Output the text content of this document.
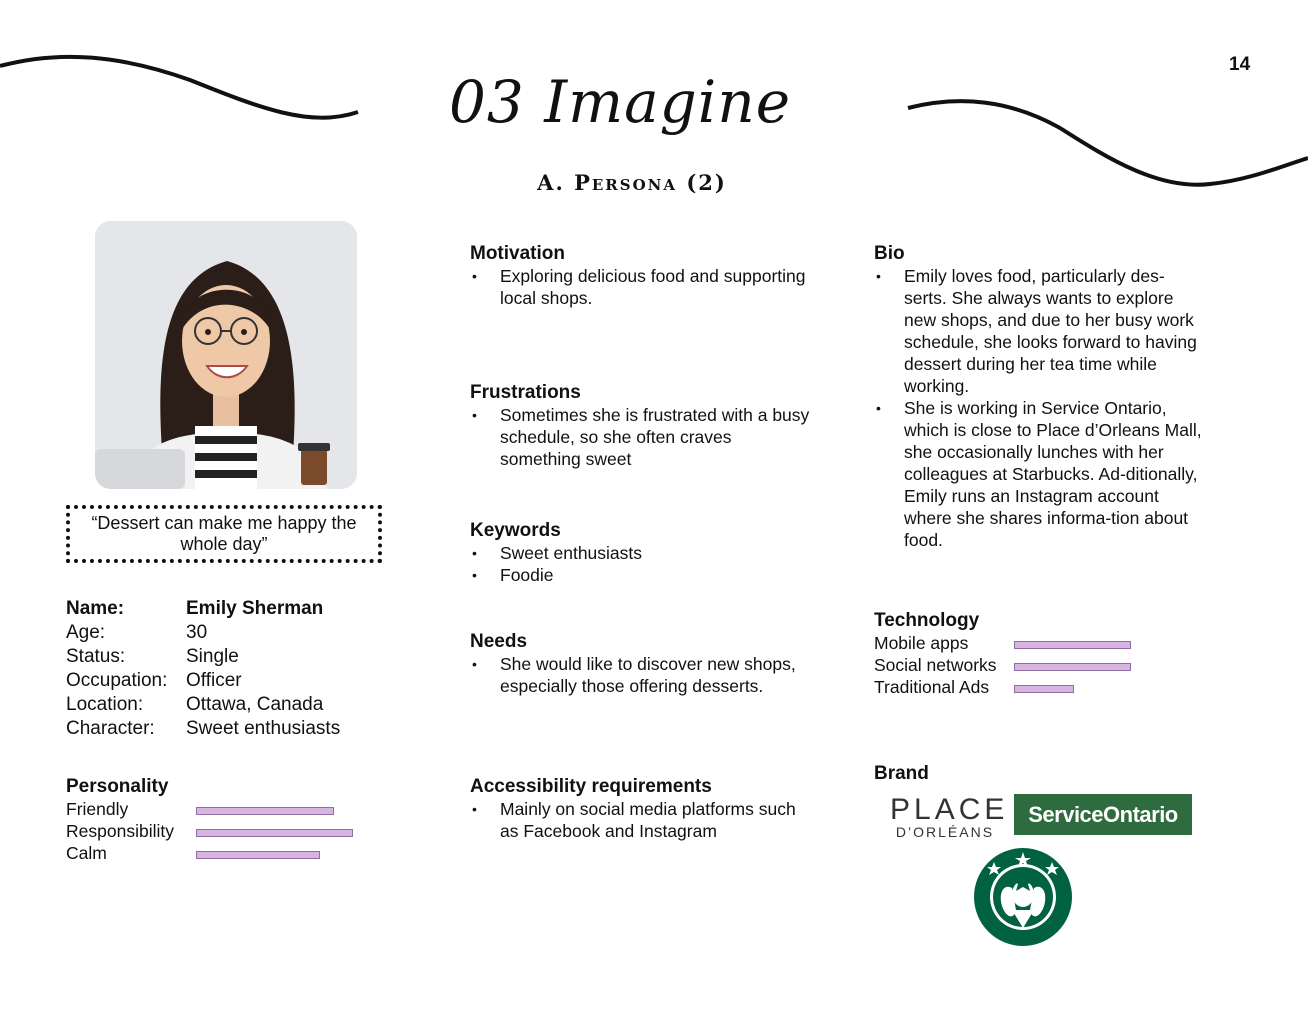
14
03 Imagine
A. Persona (2)
“Dessert can make me happy the whole day”
Name:	Emily Sherman
Age:	30
Status:	Single
Occupation: Officer
Location:	Ottawa, Canada
Character:	Sweet enthusiasts
Personality
Friendly
Responsibility
Calm
Motivation
• Exploring delicious food and supporting local shops.
Frustrations
• Sometimes she is frustrated with a busy schedule, so she often craves something sweet
Keywords
• Sweet enthusiasts
• Foodie
Needs
• She would like to discover new shops, especially those offering desserts.
Accessibility requirements
• Mainly on social media platforms such as Facebook and Instagram
Bio
• Emily loves food, particularly des-serts. She always wants to explore new shops, and due to her busy work schedule, she looks forward to having dessert during her tea time while working.
• She is working in Service Ontario, which is close to Place d’Orleans Mall, she occasionally lunches with her colleagues at Starbucks. Ad-ditionally, Emily runs an Instagram account where she shares informa-tion about food.
Technology
Mobile apps
Social networks
Traditional Ads
Brand
PLACE
D’ORLÉANS
ServiceOntario
